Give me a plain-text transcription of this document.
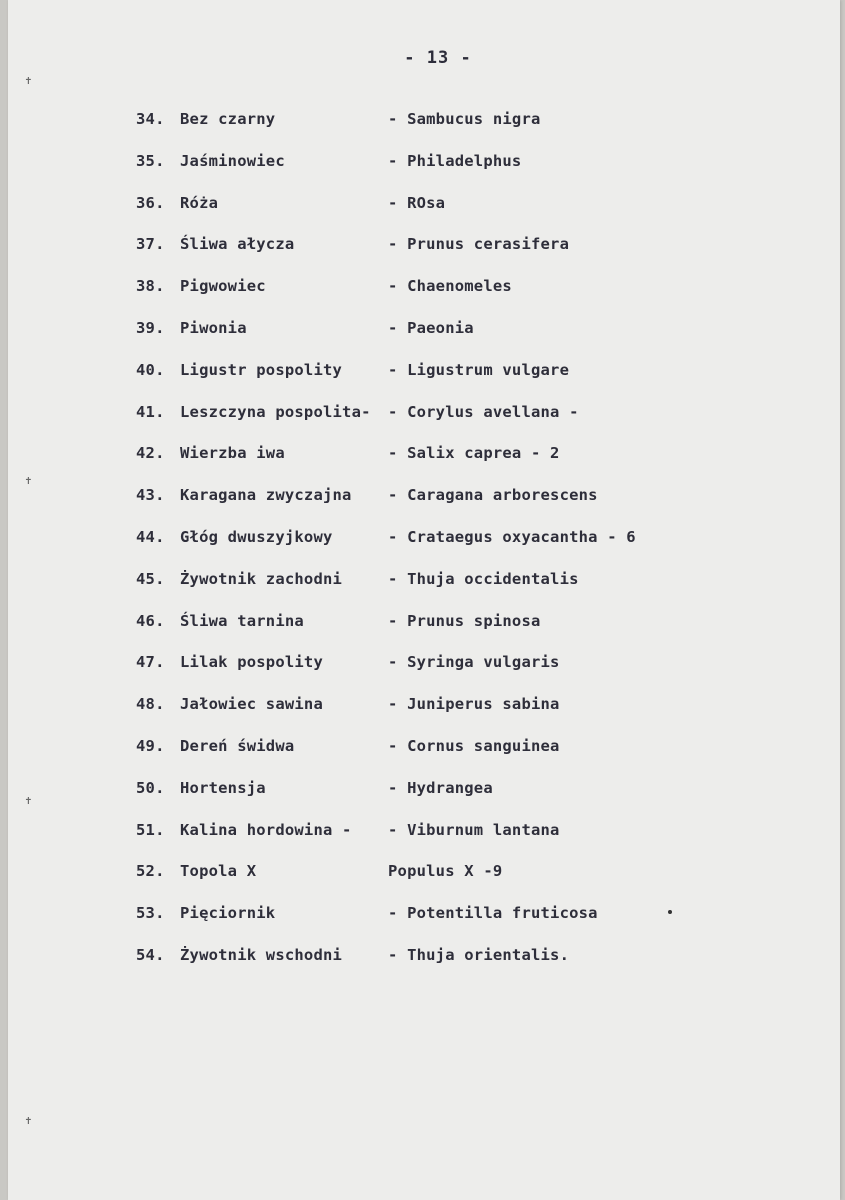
✝
✝
✝
✝
- 13 -
34. Bez czarny	- Sambucus nigra
35. Jaśminowiec	- Philadelphus
36. Róża	- ROsa
37. Śliwa ałycza	- Prunus cerasifera
38. Pigwowiec	- Chaenomeles
39. Piwonia	- Paeonia
40. Ligustr pospolity	- Ligustrum vulgare
41. Leszczyna pospolita- - Corylus avellana -
42. Wierzba iwa	- Salix caprea - 2
43. Karagana zwyczajna - Caragana arborescens
44. Głóg dwuszyjkowy	- Crataegus oxyacantha - 6
45. Żywotnik zachodni	- Thuja occidentalis
46. Śliwa tarnina	- Prunus spinosa
47. Lilak pospolity	- Syringa vulgaris
48. Jałowiec sawina	- Juniperus sabina
49. Dereń świdwa	- Cornus sanguinea
50. Hortensja	- Hydrangea
51. Kalina hordowina - - Viburnum lantana
52. Topola X	Populus X -9
53. Pięciornik	- Potentilla fruticosa
54. Żywotnik wschodni	- Thuja orientalis.
